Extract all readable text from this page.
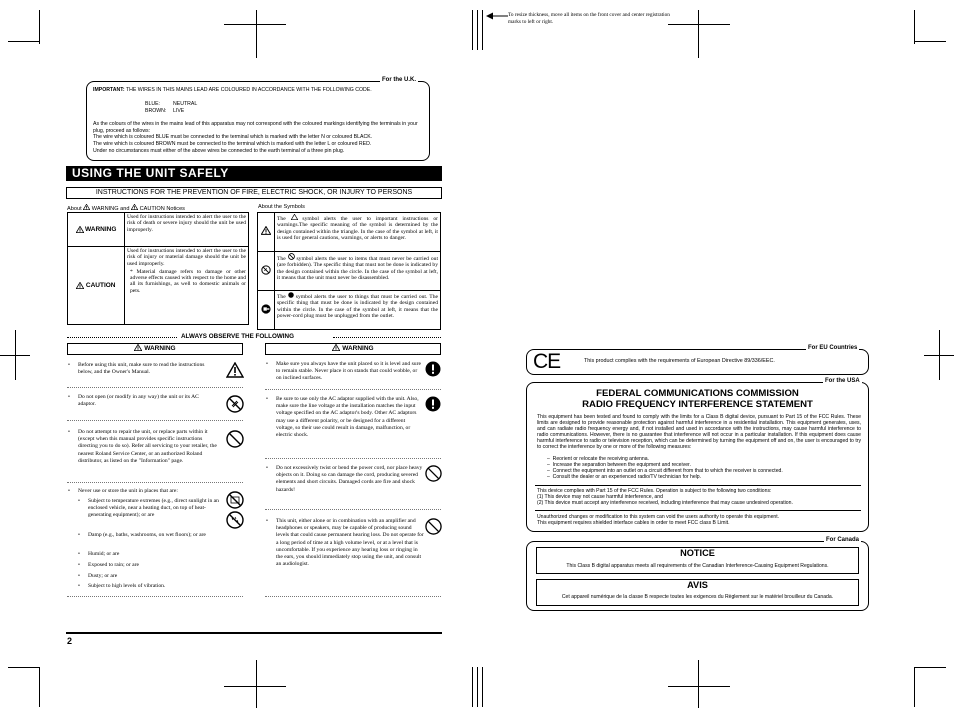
To resize thickness, move all items on the front cover and center registration marks to left or right.
For the U.K.
IMPORTANT: THE WIRES IN THIS MAINS LEAD ARE COLOURED IN ACCORDANCE WITH THE FOLLOWING CODE.
BLUE:	NEUTRAL
BROWN: LIVE
As the colours of the wires in the mains lead of this apparatus may not correspond with the coloured markings identifying the terminals in your plug, proceed as follows:
The wire which is coloured BLUE must be connected to the terminal which is marked with the letter N or coloured BLACK.
The wire which is coloured BROWN must be connected to the terminal which is marked with the letter L or coloured RED.
Under no circumstances must either of the above wires be connected to the earth terminal of a three pin plug.
USING THE UNIT SAFELY
INSTRUCTIONS FOR THE PREVENTION OF FIRE, ELECTRIC SHOCK, OR INJURY TO PERSONS
About WARNING and CAUTION Notices	About the Symbols
WARNING	Used for instructions intended to alert the user to the risk of death or severe injury should the unit be used improperly.
CAUTION	Used for instructions intended to alert the user to the risk of injury or material damage should the unit be used improperly.
* Material damage refers to damage or other adverse effects caused with respect to the home and all its furnishings, as well to domestic animals or pets.
	The symbol alerts the user to important instructions or warnings.The specific meaning of the symbol is determined by the design contained within the triangle. In the case of the symbol at left, it is used for general cautions, warnings, or alerts to danger.
	The symbol alerts the user to items that must never be carried out (are forbidden). The specific thing that must not be done is indicated by the design contained within the circle. In the case of the symbol at left, it means that the unit must never be disassembled.
	The symbol alerts the user to things that must be carried out. The specific thing that must be done is indicated by the design contained within the circle. In the case of the symbol at left, it means that the power-cord plug must be unplugged from the outlet.
ALWAYS OBSERVE THE FOLLOWING
WARNING	WARNING
• Before using this unit, make sure to read the instructions below, and the Owner's Manual.
• Do not open (or modify in any way) the unit or its AC adaptor.
• Do not attempt to repair the unit, or replace parts within it (except when this manual provides specific instructions directing you to do so). Refer all servicing to your retailer, the nearest Roland Service Center, or an authorized Roland distributor, as listed on the "Information" page.
• Never use or store the unit in places that are:
• Subject to temperature extremes (e.g., direct sunlight in an enclosed vehicle, near a heating duct, on top of heat-generating equipment); or are
• Damp (e.g., baths, washrooms, on wet floors); or are
• Humid; or are
• Exposed to rain; or are
• Dusty; or are
• Subject to high levels of vibration.
• Make sure you always have the unit placed so it is level and sure to remain stable. Never place it on stands that could wobble, or on inclined surfaces.
• Be sure to use only the AC adaptor supplied with the unit. Also, make sure the line voltage at the installation matches the input voltage specified on the AC adaptor's body. Other AC adaptors may use a different polarity, or be designed for a different voltage, so their use could result in damage, malfunction, or electric shock.
• Do not excessively twist or bend the power cord, nor place heavy objects on it. Doing so can damage the cord, producing severed elements and short circuits. Damaged cords are fire and shock hazards!
• This unit, either alone or in combination with an amplifier and headphones or speakers, may be capable of producing sound levels that could cause permanent hearing loss. Do not operate for a long period of time at a high volume level, or at a level that is uncomfortable. If you experience any hearing loss or ringing in the ears, you should immediately stop using the unit, and consult an audiologist.
2
For EU Countries
CE	This product complies with the requirements of European Directive 89/336/EEC.
For the USA
FEDERAL COMMUNICATIONS COMMISSION
RADIO FREQUENCY INTERFERENCE STATEMENT
This equipment has been tested and found to comply with the limits for a Class B digital device, pursuant to Part 15 of the FCC Rules. These limits are designed to provide reasonable protection against harmful interference in a residential installation. This equipment generates, uses, and can radiate radio frequency energy and, if not installed and used in accordance with the instructions, may cause harmful interference to radio communications. However, there is no guarantee that interference will not occur in a particular installation. If this equipment does cause harmful interference to radio or television reception, which can be determined by turning the equipment off and on, the user is encouraged to try to correct the interference by one or more of the following measures:
–  Reorient or relocate the receiving antenna.
–  Increase the separation between the equipment and receiver.
–  Connect the equipment into an outlet on a circuit different from that to which the receiver is connected.
–  Consult the dealer or an experienced radio/TV technician for help.
This device complies with Part 15 of the FCC Rules. Operation is subject to the following two conditions:
(1) This device may not cause harmful interference, and
(2) This device must accept any interference received, including interference that may cause undesired operation.
Unauthorized changes or modification to this system can void the users authority to operate this equipment.
This equipment requires shielded interface cables in order to meet FCC class B Limit.
For Canada
NOTICE
This Class B digital apparatus meets all requirements of the Canadian Interference-Causing Equipment Regulations.
AVIS
Cet appareil numérique de la classe B respecte toutes les exigences du Règlement sur le matériel brouilleur du Canada.
